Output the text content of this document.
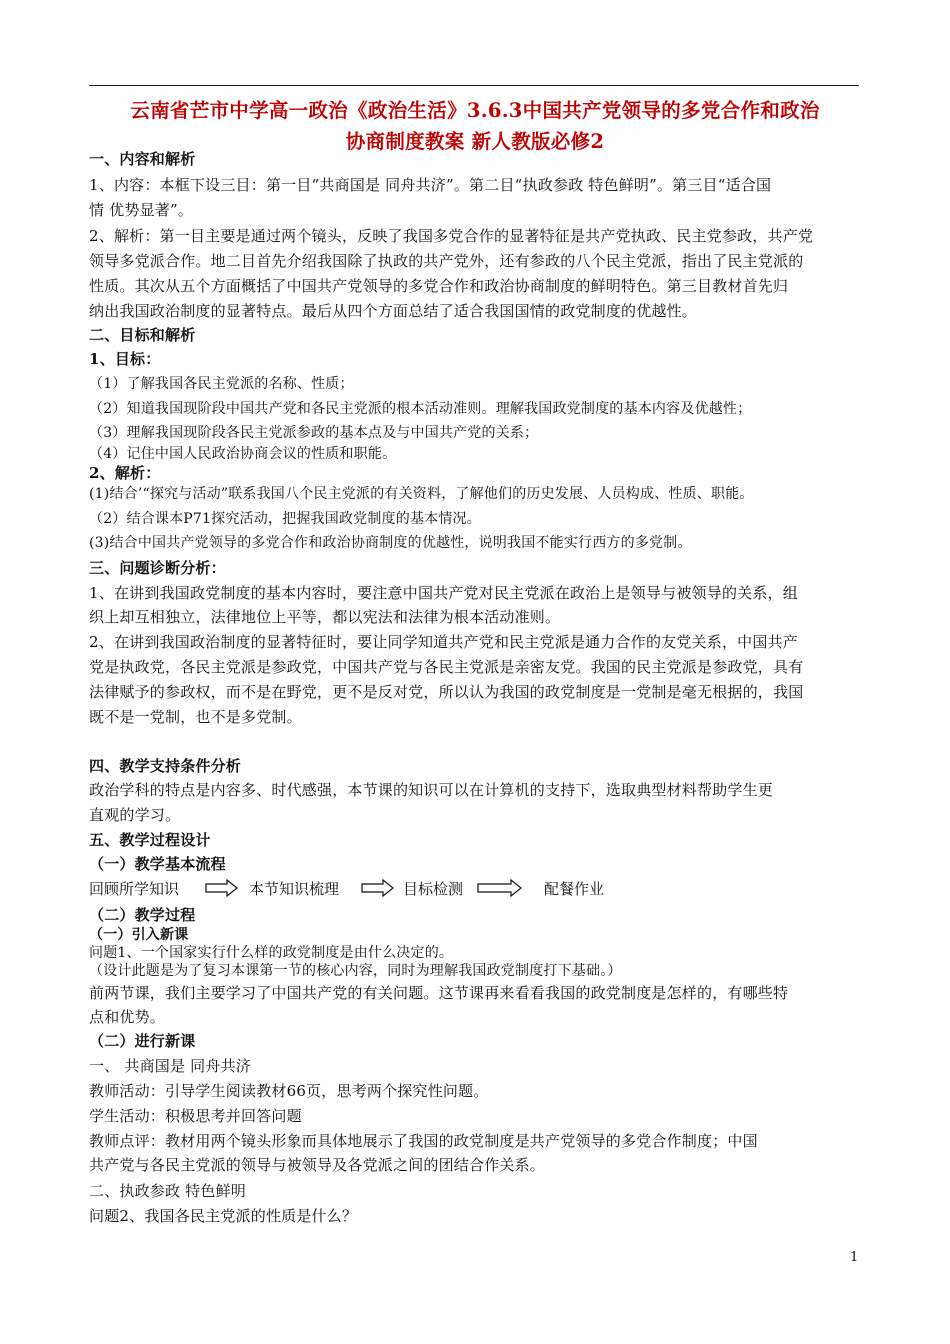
云南省芒市中学高一政治《政治生活》3.6.3中国共产党领导的多党合作和政治
协商制度教案 新人教版必修2
一、内容和解析
1、内容：本框下设三目：第一目“共商国是 同舟共济”。第二目“执政参政 特色鲜明”。第三目“适合国
情 优势显著”。
2、解析：第一目主要是通过两个镜头，反映了我国多党合作的显著特征是共产党执政、民主党参政，共产党
领导多党派合作。地二目首先介绍我国除了执政的共产党外，还有参政的八个民主党派，指出了民主党派的
性质。其次从五个方面概括了中国共产党领导的多党合作和政治协商制度的鲜明特色。第三目教材首先归
纳出我国政治制度的显著特点。最后从四个方面总结了适合我国国情的政党制度的优越性。
二、目标和解析
1、目标：
（1）了解我国各民主党派的名称、性质；
（2）知道我国现阶段中国共产党和各民主党派的根本活动准则。理解我国政党制度的基本内容及优越性；
（3）理解我国现阶段各民主党派参政的基本点及与中国共产党的关系；
（4）记住中国人民政治协商会议的性质和职能。
2、解析：
(1)结合’“探究与活动”联系我国八个民主党派的有关资料，了解他们的历史发展、人员构成、性质、职能。
（2）结合课本P71探究活动，把握我国政党制度的基本情况。
(3)结合中国共产党领导的多党合作和政治协商制度的优越性，说明我国不能实行西方的多党制。
三、问题诊断分析：
1、在讲到我国政党制度的基本内容时，要注意中国共产党对民主党派在政治上是领导与被领导的关系，组
织上却互相独立，法律地位上平等，都以宪法和法律为根本活动准则。
2、在讲到我国政治制度的显著特征时，要让同学知道共产党和民主党派是通力合作的友党关系，中国共产
党是执政党，各民主党派是参政党，中国共产党与各民主党派是亲密友党。我国的民主党派是参政党，具有
法律赋予的参政权，而不是在野党，更不是反对党，所以认为我国的政党制度是一党制是毫无根据的，我国
既不是一党制，也不是多党制。
四、教学支持条件分析
政治学科的特点是内容多、时代感强，本节课的知识可以在计算机的支持下，选取典型材料帮助学生更
直观的学习。
五、教学过程设计
（一）教学基本流程
回顾所学知识	本节知识梳理	目标检测	配餐作业
（二）教学过程
（一）引入新课
问题1、一个国家实行什么样的政党制度是由什么决定的。
（设计此题是为了复习本课第一节的核心内容，同时为理解我国政党制度打下基础。）
前两节课，我们主要学习了中国共产党的有关问题。这节课再来看看我国的政党制度是怎样的，有哪些特
点和优势。
（二）进行新课
一、 共商国是 同舟共济
教师活动：引导学生阅读教材66页，思考两个探究性问题。
学生活动：积极思考并回答问题
教师点评：教材用两个镜头形象而具体地展示了我国的政党制度是共产党领导的多党合作制度；中国
共产党与各民主党派的领导与被领导及各党派之间的团结合作关系。
二、执政参政 特色鲜明
问题2、我国各民主党派的性质是什么？
1
